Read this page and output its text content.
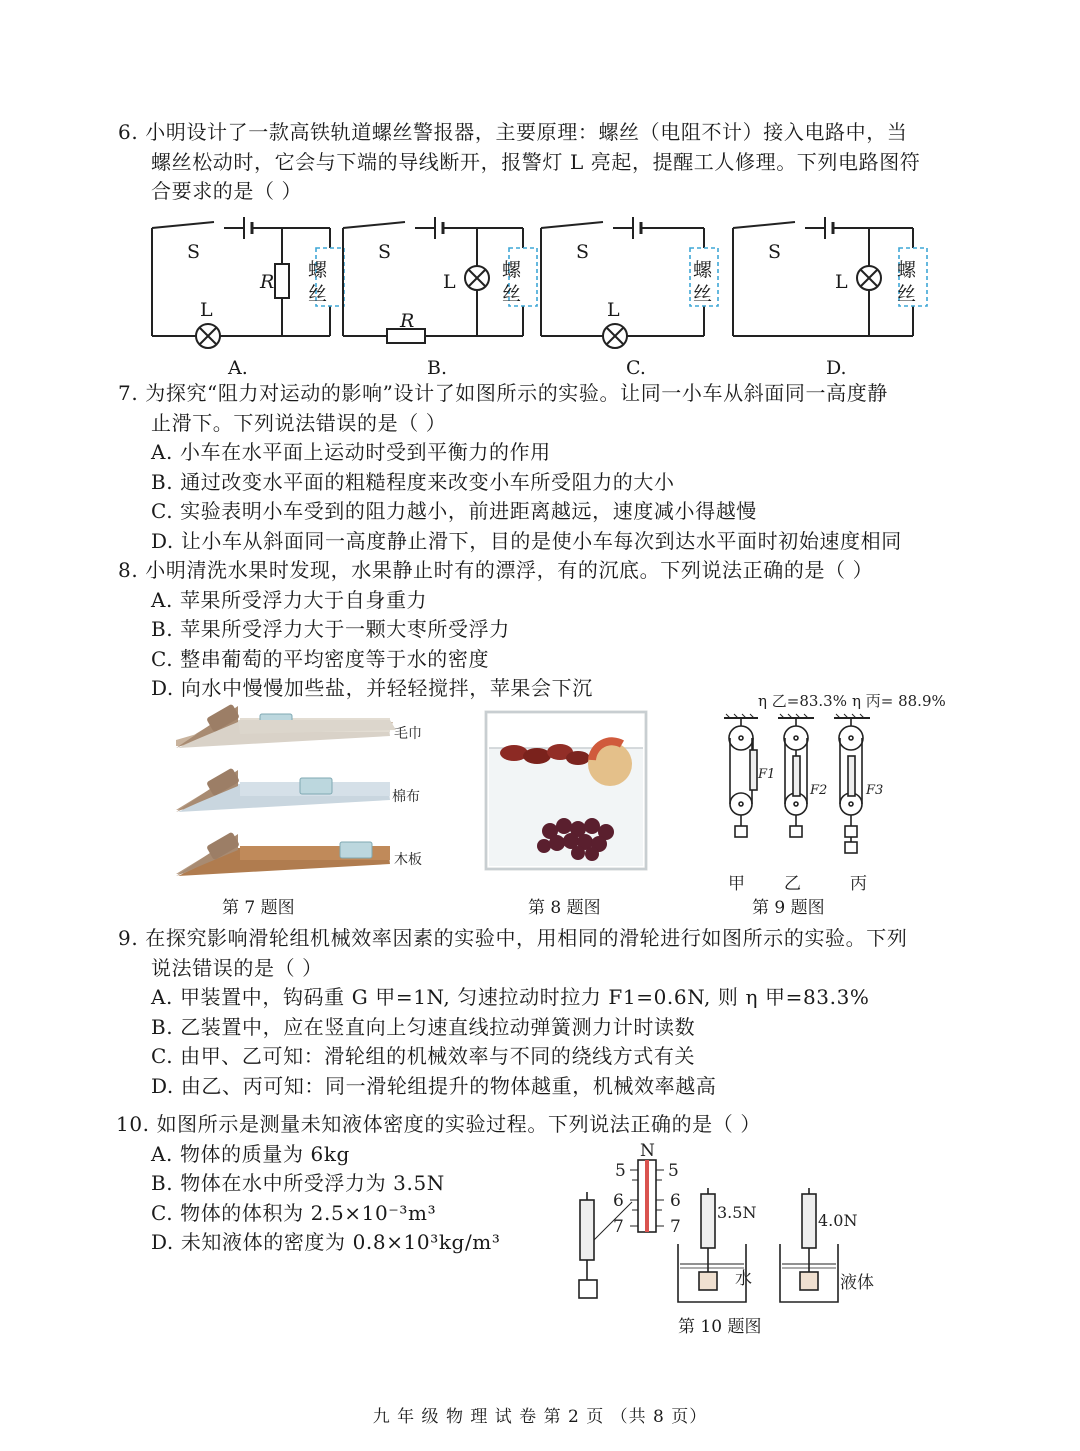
6. 小明设计了一款高铁轨道螺丝警报器，主要原理：螺丝（电阻不计）接入电路中，当
螺丝松动时，它会与下端的导线断开，报警灯 L 亮起，提醒工人修理。下列电路图符
合要求的是（ ）
S
R
L
螺
丝
A.
S
L
R
螺
丝
B.
S
L
螺
丝
C.
S
L
螺
丝
D.
7. 为探究“阻力对运动的影响”设计了如图所示的实验。让同一小车从斜面同一高度静
止滑下。下列说法错误的是（ ）
A. 小车在水平面上运动时受到平衡力的作用
B. 通过改变水平面的粗糙程度来改变小车所受阻力的大小
C. 实验表明小车受到的阻力越小，前进距离越远，速度减小得越慢
D. 让小车从斜面同一高度静止滑下，目的是使小车每次到达水平面时初始速度相同
8. 小明清洗水果时发现，水果静止时有的漂浮，有的沉底。下列说法正确的是（ ）
A. 苹果所受浮力大于自身重力
B. 苹果所受浮力大于一颗大枣所受浮力
C. 整串葡萄的平均密度等于水的密度
D. 向水中慢慢加些盐，并轻轻搅拌，苹果会下沉
毛巾
棉布
木板
第 7 题图	第 8 题图
η 乙=83.3% η 丙= 88.9%
F1
F2	F3
甲 乙	丙
第 9 题图
9. 在探究影响滑轮组机械效率因素的实验中，用相同的滑轮进行如图所示的实验。下列
说法错误的是（ ）
A. 甲装置中，钩码重 G 甲=1N, 匀速拉动时拉力 F1=0.6N, 则 η 甲=83.3%
B. 乙装置中，应在竖直向上匀速直线拉动弹簧测力计时读数
C. 由甲、乙可知：滑轮组的机械效率与不同的绕线方式有关
D. 由乙、丙可知：同一滑轮组提升的物体越重，机械效率越高
10. 如图所示是测量未知液体密度的实验过程。下列说法正确的是（ ）
A. 物体的质量为 6kg
B. 物体在水中所受浮力为 3.5N
C. 物体的体积为 2.5×10⁻³m³
D. 未知液体的密度为 0.8×10³kg/m³
N
5 5
6	6
7	7
3.5N	4.0N
水	液体
第 10 题图
九 年 级 物 理 试 卷 第 2 页 （共 8 页）
